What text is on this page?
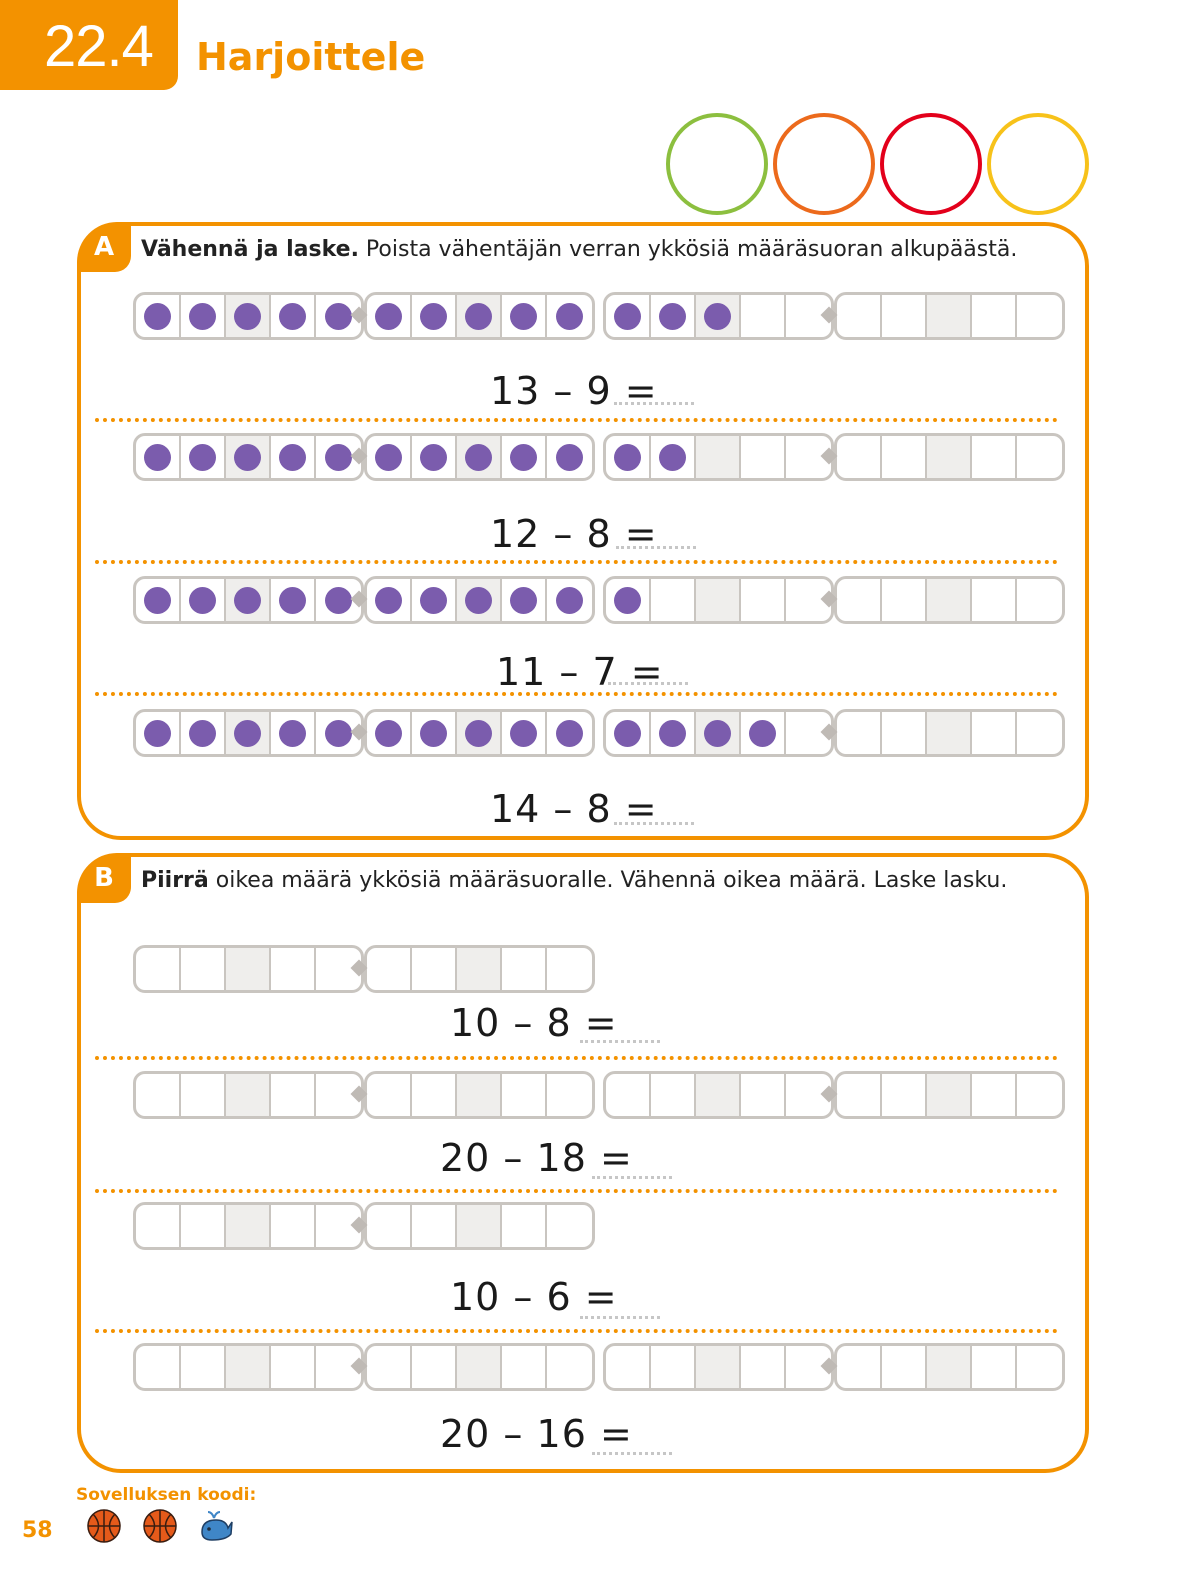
22.4 Harjoittele
A	Vähennä ja laske. Poista vähentäjän verran ykkösiä määräsuoran alkupäästä.
13 – 9 =
12 – 8 =
11 – 7 =
14 – 8 =
B	Piirrä oikea määrä ykkösiä määräsuoralle. Vähennä oikea määrä. Laske lasku.
10 – 8 =
20 – 18 =
10 – 6 =
20 – 16 =
Sovelluksen koodi:
58
